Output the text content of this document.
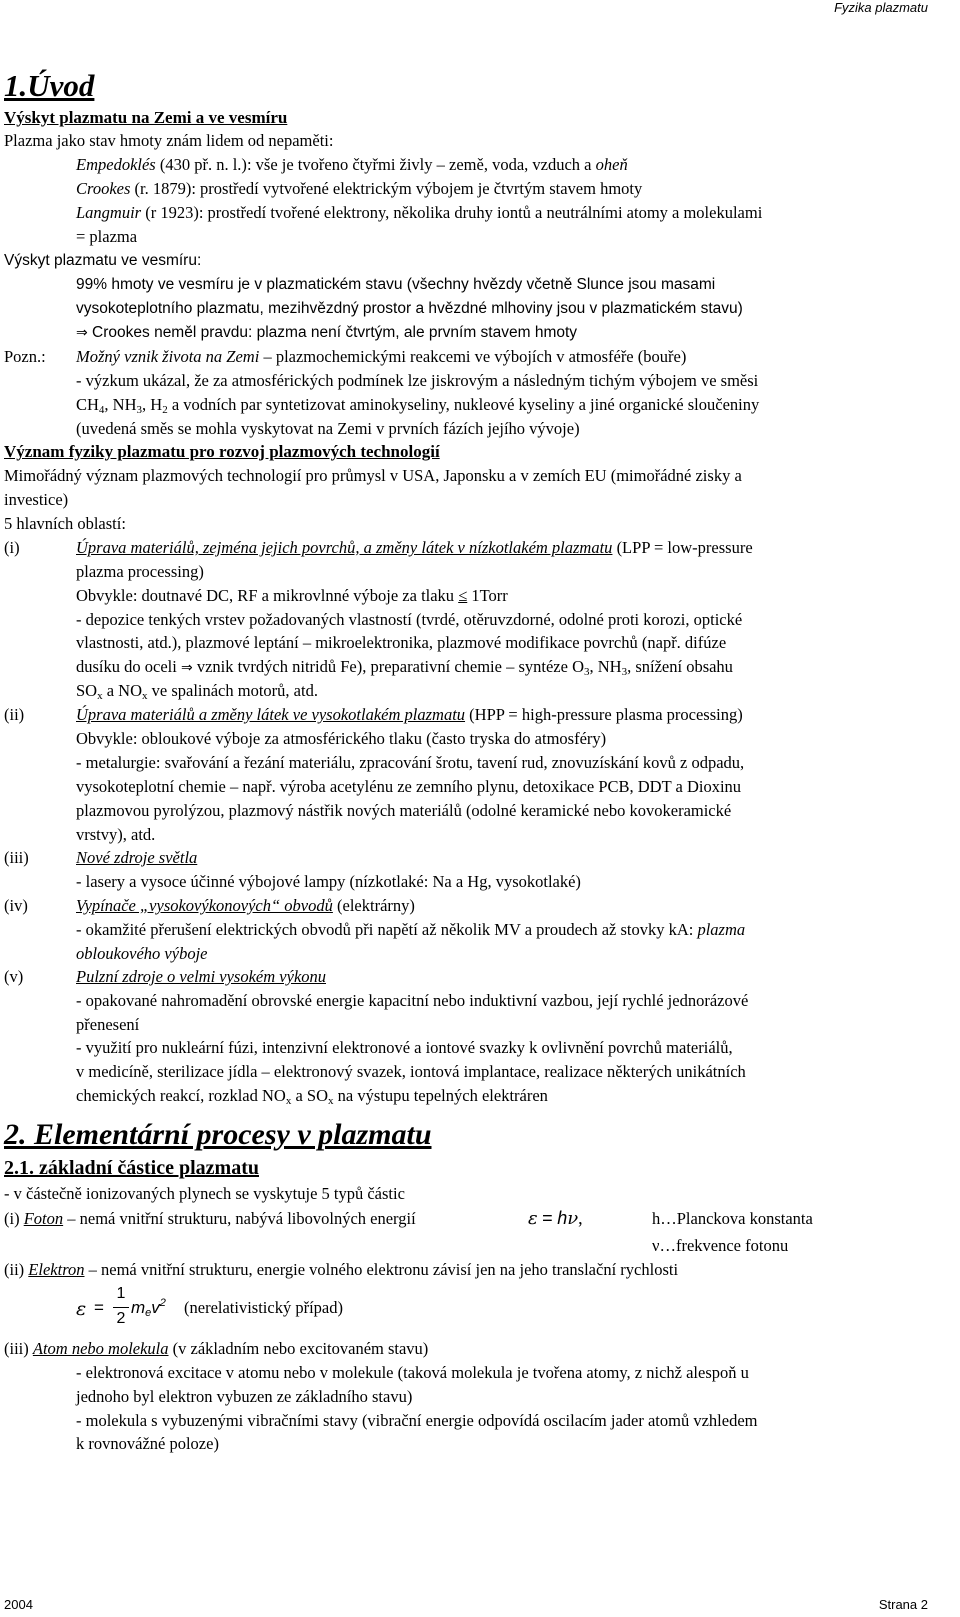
Fyzika plazmatu
2004	Strana 2
1.Úvod
Výskyt plazmatu na Zemi a ve vesmíru
Plazma jako stav hmoty znám lidem od nepaměti:
Empedoklés (430 př. n. l.): vše je tvořeno čtyřmi živly – země, voda, vzduch a oheň
Crookes (r. 1879): prostředí vytvořené elektrickým výbojem je čtvrtým stavem hmoty
Langmuir (r 1923): prostředí tvořené elektrony, několika druhy iontů a neutrálními atomy a molekulami
= plazma
Výskyt plazmatu ve vesmíru:
99% hmoty ve vesmíru je v plazmatickém stavu (všechny hvězdy včetně Slunce jsou masami
vysokoteplotního plazmatu, mezihvězdný prostor a hvězdné mlhoviny jsou v plazmatickém stavu)
⇒ Crookes neměl pravdu: plazma není čtvrtým, ale prvním stavem hmoty
Pozn.: Možný vznik života na Zemi – plazmochemickými reakcemi ve výbojích v atmosféře (bouře)
- výzkum ukázal, že za atmosférických podmínek lze jiskrovým a následným tichým výbojem ve směsi
$CH_4$, $NH_3$, $H_2$ a vodních par syntetizovat aminokyseliny, nukleové kyseliny a jiné organické sloučeniny
(uvedená směs se mohla vyskytovat na Zemi v prvních fázích jejího vývoje)
Význam fyziky plazmatu pro rozvoj plazmových technologií
Mimořádný význam plazmových technologií pro průmysl v USA, Japonsku a v zemích EU (mimořádné zisky a
investice)
5 hlavních oblastí:
(i)	Úprava materiálů, zejména jejich povrchů, a změny látek v nízkotlakém plazmatu (LPP = low-pressure
plazma processing)
Obvykle: doutnavé DC, RF a mikrovlnné výboje za tlaku ≤ 1Torr
- depozice tenkých vrstev požadovaných vlastností (tvrdé, otěruvzdorné, odolné proti korozi, optické
vlastnosti, atd.), plazmové leptání – mikroelektronika, plazmové modifikace povrchů (např. difúze
dusíku do oceli ⇒ vznik tvrdých nitridů Fe), preparativní chemie – syntéze $O_3$, $NH_3$, snížení obsahu
$SO_x$ a $NO_x$ ve spalinách motorů, atd.
(ii)	Úprava materiálů a změny látek ve vysokotlakém plazmatu (HPP = high-pressure plasma processing)
Obvykle: obloukové výboje za atmosférického tlaku (často tryska do atmosféry)
- metalurgie: svařování a řezání materiálu, zpracování šrotu, tavení rud, znovuzískání kovů z odpadu,
vysokoteplotní chemie – např. výroba acetylénu ze zemního plynu, detoxikace PCB, DDT a Dioxinu
plazmovou pyrolýzou, plazmový nástřik nových materiálů (odolné keramické nebo kovokeramické
vrstvy), atd.
(iii)	Nové zdroje světla
- lasery a vysoce účinné výbojové lampy (nízkotlaké: Na a Hg, vysokotlaké)
(iv)	Vypínače „vysokovýkonových“ obvodů (elektrárny)
- okamžité přerušení elektrických obvodů při napětí až několik MV a proudech až stovky kA: plazma
obloukového výboje
(v)	Pulzní zdroje o velmi vysokém výkonu
- opakované nahromadění obrovské energie kapacitní nebo induktivní vazbou, její rychlé jednorázové
přenesení
- využití pro nukleární fúzi, intenzivní elektronové a iontové svazky k ovlivnění povrchů materiálů,
v medicíně, sterilizace jídla – elektronový svazek, iontová implantace, realizace některých unikátních
chemických reakcí, rozklad $NO_x$ a $SO_x$ na výstupu tepelných elektráren
2. Elementární procesy v plazmatu
2.1. základní částice plazmatu
- v částečně ionizovaných plynech se vyskytuje 5 typů částic
(i) Foton – nemá vnitřní strukturu, nabývá libovolných energií	ε = hν,	h…Planckova konstanta
ν…frekvence fotonu
(ii) Elektron – nemá vnitřní strukturu, energie volného elektronu závisí jen na jeho translační rychlosti
ε =
1
2
$m_ev^2$ (nerelativistický případ)
(iii) Atom nebo molekula (v základním nebo excitovaném stavu)
- elektronová excitace v atomu nebo v molekule (taková molekula je tvořena atomy, z nichž alespoň u
jednoho byl elektron vybuzen ze základního stavu)
- molekula s vybuzenými vibračními stavy (vibrační energie odpovídá oscilacím jader atomů vzhledem
k rovnovážné poloze)
